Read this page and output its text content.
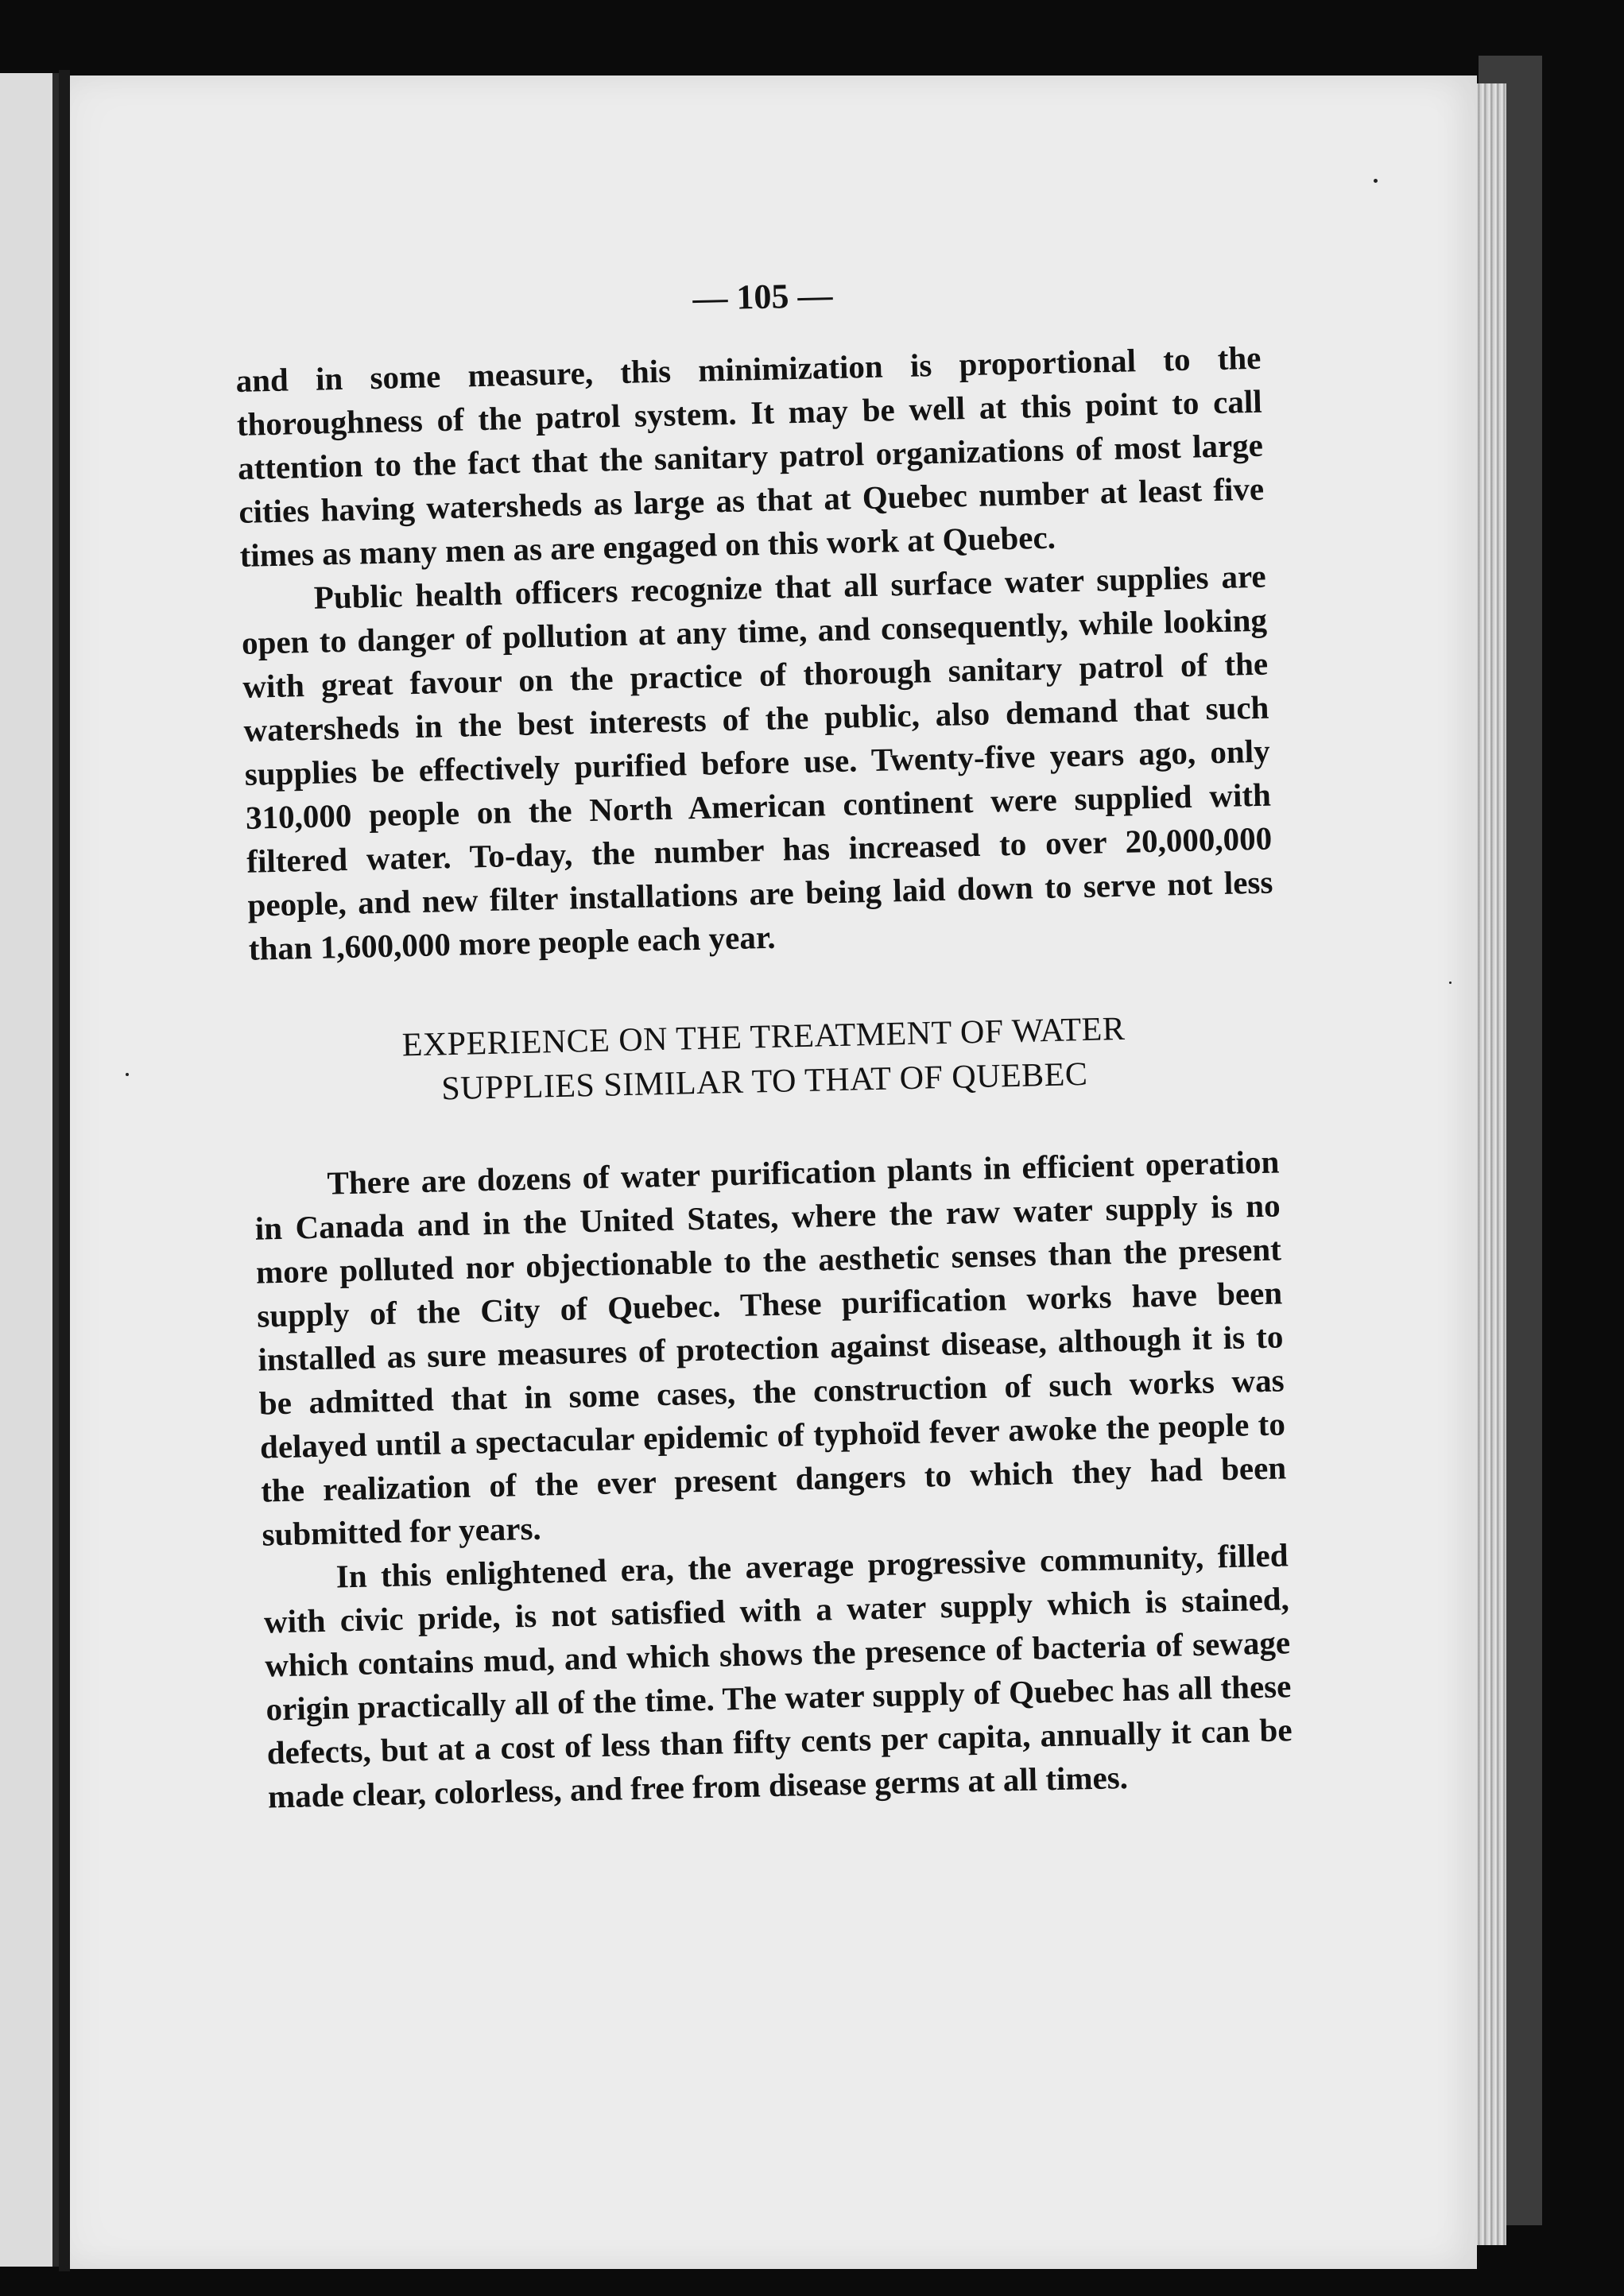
— 105 —

and in some measure, this minimization is proportional to the thoroughness of the patrol system. It may be well at this point to call attention to the fact that the sanitary patrol organizations of most large cities having watersheds as large as that at Quebec number at least five times as many men as are engaged on this work at Quebec.

Public health officers recognize that all surface water supplies are open to danger of pollution at any time, and consequently, while looking with great favour on the practice of thorough sanitary patrol of the watersheds in the best interests of the public, also demand that such supplies be effectively purified before use. Twenty-five years ago, only 310,000 people on the North American continent were supplied with filtered water. To-day, the number has increased to over 20,000,000 people, and new filter installations are being laid down to serve not less than 1,600,000 more people each year.

EXPERIENCE ON THE TREATMENT OF WATER
SUPPLIES SIMILAR TO THAT OF QUEBEC

There are dozens of water purification plants in efficient operation in Canada and in the United States, where the raw water supply is no more polluted nor objectionable to the aesthetic senses than the present supply of the City of Quebec. These purification works have been installed as sure measures of protection against disease, although it is to be admitted that in some cases, the construction of such works was delayed until a spectacular epidemic of typhoïd fever awoke the people to the realization of the ever present dangers to which they had been submitted for years.

In this enlightened era, the average progressive community, filled with civic pride, is not satisfied with a water supply which is stained, which contains mud, and which shows the presence of bacteria of sewage origin practically all of the time. The water supply of Quebec has all these defects, but at a cost of less than fifty cents per capita, annually it can be made clear, colorless, and free from disease germs at all times.
